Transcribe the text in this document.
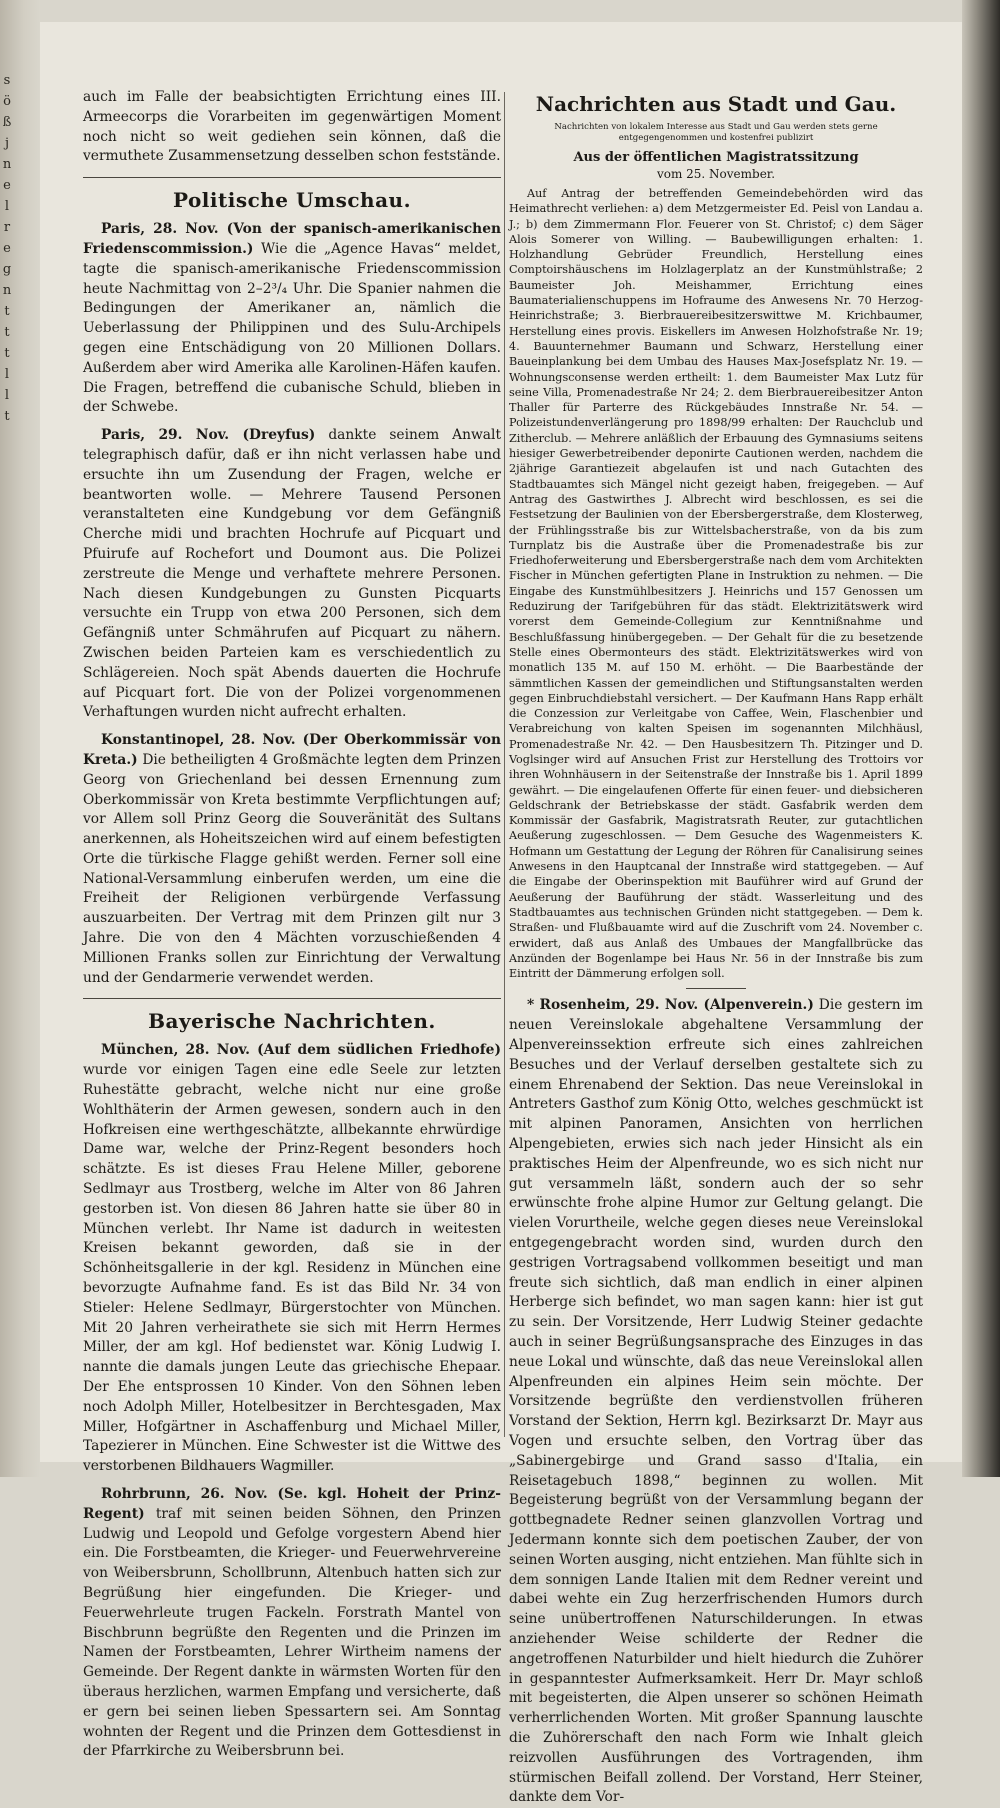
s
ö
ß
j
n
e
l
r
e
g
n
t
t
t
l
l
t

auch im Falle der beabsichtigten Errichtung eines III. Armeecorps die Vorarbeiten im gegenwärtigen Moment noch nicht so weit gediehen sein können, daß die vermuthete Zusammensetzung desselben schon feststände.

Politische Umschau.

Paris, 28. Nov. (Von der spanisch-amerikanischen Friedenscommission.) Wie die „Agence Havas“ meldet, tagte die spanisch-amerikanische Friedenscommission heute Nachmittag von 2–2³/₄ Uhr. Die Spanier nahmen die Bedingungen der Amerikaner an, nämlich die Ueberlassung der Philippinen und des Sulu-Archipels gegen eine Entschädigung von 20 Millionen Dollars. Außerdem aber wird Amerika alle Karolinen-Häfen kaufen. Die Fragen, betreffend die cubanische Schuld, blieben in der Schwebe.

Paris, 29. Nov. (Dreyfus) dankte seinem Anwalt telegraphisch dafür, daß er ihn nicht verlassen habe und ersuchte ihn um Zusendung der Fragen, welche er beantworten wolle. — Mehrere Tausend Personen veranstalteten eine Kundgebung vor dem Gefängniß Cherche midi und brachten Hochrufe auf Picquart und Pfuirufe auf Rochefort und Doumont aus. Die Polizei zerstreute die Menge und verhaftete mehrere Personen. Nach diesen Kundgebungen zu Gunsten Picquarts versuchte ein Trupp von etwa 200 Personen, sich dem Gefängniß unter Schmährufen auf Picquart zu nähern. Zwischen beiden Parteien kam es verschiedentlich zu Schlägereien. Noch spät Abends dauerten die Hochrufe auf Picquart fort. Die von der Polizei vorgenommenen Verhaftungen wurden nicht aufrecht erhalten.

Konstantinopel, 28. Nov. (Der Oberkommissär von Kreta.) Die betheiligten 4 Großmächte legten dem Prinzen Georg von Griechenland bei dessen Ernennung zum Oberkommissär von Kreta bestimmte Verpflichtungen auf; vor Allem soll Prinz Georg die Souveränität des Sultans anerkennen, als Hoheitszeichen wird auf einem befestigten Orte die türkische Flagge gehißt werden. Ferner soll eine National-Versammlung einberufen werden, um eine die Freiheit der Religionen verbürgende Verfassung auszuarbeiten. Der Vertrag mit dem Prinzen gilt nur 3 Jahre. Die von den 4 Mächten vorzuschießenden 4 Millionen Franks sollen zur Einrichtung der Verwaltung und der Gendarmerie verwendet werden.

Bayerische Nachrichten.

München, 28. Nov. (Auf dem südlichen Friedhofe) wurde vor einigen Tagen eine edle Seele zur letzten Ruhestätte gebracht, welche nicht nur eine große Wohlthäterin der Armen gewesen, sondern auch in den Hofkreisen eine werthgeschätzte, allbekannte ehrwürdige Dame war, welche der Prinz-Regent besonders hoch schätzte. Es ist dieses Frau Helene Miller, geborene Sedlmayr aus Trostberg, welche im Alter von 86 Jahren gestorben ist. Von diesen 86 Jahren hatte sie über 80 in München verlebt. Ihr Name ist dadurch in weitesten Kreisen bekannt geworden, daß sie in der Schönheitsgallerie in der kgl. Residenz in München eine bevorzugte Aufnahme fand. Es ist das Bild Nr. 34 von Stieler: Helene Sedlmayr, Bürgerstochter von München. Mit 20 Jahren verheirathete sie sich mit Herrn Hermes Miller, der am kgl. Hof bedienstet war. König Ludwig I. nannte die damals jungen Leute das griechische Ehepaar. Der Ehe entsprossen 10 Kinder. Von den Söhnen leben noch Adolph Miller, Hotelbesitzer in Berchtesgaden, Max Miller, Hofgärtner in Aschaffenburg und Michael Miller, Tapezierer in München. Eine Schwester ist die Wittwe des verstorbenen Bildhauers Wagmiller.

Rohrbrunn, 26. Nov. (Se. kgl. Hoheit der Prinz-Regent) traf mit seinen beiden Söhnen, den Prinzen Ludwig und Leopold und Gefolge vorgestern Abend hier ein. Die Forstbeamten, die Krieger- und Feuerwehrvereine von Weibersbrunn, Schollbrunn, Altenbuch hatten sich zur Begrüßung hier eingefunden. Die Krieger- und Feuerwehrleute trugen Fackeln. Forstrath Mantel von Bischbrunn begrüßte den Regenten und die Prinzen im Namen der Forstbeamten, Lehrer Wirtheim namens der Gemeinde. Der Regent dankte in wärmsten Worten für den überaus herzlichen, warmen Empfang und versicherte, daß er gern bei seinen lieben Spessartern sei. Am Sonntag wohnten der Regent und die Prinzen dem Gottesdienst in der Pfarrkirche zu Weibersbrunn bei.

Nachrichten aus Stadt und Gau.
Nachrichten von lokalem Interesse aus Stadt und Gau werden stets gerne entgegengenommen und kostenfrei publizirt
Aus der öffentlichen Magistratssitzung
vom 25. November.

Auf Antrag der betreffenden Gemeindebehörden wird das Heimathrecht verliehen: a) dem Metzgermeister Ed. Peisl von Landau a. J.; b) dem Zimmermann Flor. Feuerer von St. Christof; c) dem Säger Alois Somerer von Willing. — Baubewilligungen erhalten: 1. Holzhandlung Gebrüder Freundlich, Herstellung eines Comptoirshäuschens im Holzlagerplatz an der Kunstmühlstraße; 2 Baumeister Joh. Meishammer, Errichtung eines Baumaterialienschuppens im Hofraume des Anwesens Nr. 70 Herzog-Heinrichstraße; 3. Bierbrauereibesitzerswittwe M. Krichbaumer, Herstellung eines provis. Eiskellers im Anwesen Holzhofstraße Nr. 19; 4. Bauunternehmer Baumann und Schwarz, Herstellung einer Baueinplankung bei dem Umbau des Hauses Max-Josefsplatz Nr. 19. — Wohnungsconsense werden ertheilt: 1. dem Baumeister Max Lutz für seine Villa, Promenadestraße Nr 24; 2. dem Bierbrauereibesitzer Anton Thaller für Parterre des Rückgebäudes Innstraße Nr. 54. — Polizeistundenverlängerung pro 1898/99 erhalten: Der Rauchclub und Zitherclub. — Mehrere anläßlich der Erbauung des Gymnasiums seitens hiesiger Gewerbetreibender deponirte Cautionen werden, nachdem die 2jährige Garantiezeit abgelaufen ist und nach Gutachten des Stadtbauamtes sich Mängel nicht gezeigt haben, freigegeben. — Auf Antrag des Gastwirthes J. Albrecht wird beschlossen, es sei die Festsetzung der Baulinien von der Ebersbergerstraße, dem Klosterweg, der Frühlingsstraße bis zur Wittelsbacherstraße, von da bis zum Turnplatz bis die Austraße über die Promenadestraße bis zur Friedhoferweiterung und Ebersbergerstraße nach dem vom Architekten Fischer in München gefertigten Plane in Instruktion zu nehmen. — Die Eingabe des Kunstmühlbesitzers J. Heinrichs und 157 Genossen um Reduzirung der Tarifgebühren für das städt. Elektrizitätswerk wird vorerst dem Gemeinde-Collegium zur Kenntnißnahme und Beschlußfassung hinübergegeben. — Der Gehalt für die zu besetzende Stelle eines Obermonteurs des städt. Elektrizitätswerkes wird von monatlich 135 M. auf 150 M. erhöht. — Die Baarbestände der sämmtlichen Kassen der gemeindlichen und Stiftungsanstalten werden gegen Einbruchdiebstahl versichert. — Der Kaufmann Hans Rapp erhält die Conzession zur Verleitgabe von Caffee, Wein, Flaschenbier und Verabreichung von kalten Speisen im sogenannten Milchhäusl, Promenadestraße Nr. 42. — Den Hausbesitzern Th. Pitzinger und D. Voglsinger wird auf Ansuchen Frist zur Herstellung des Trottoirs vor ihren Wohnhäusern in der Seitenstraße der Innstraße bis 1. April 1899 gewährt. — Die eingelaufenen Offerte für einen feuer- und diebsicheren Geldschrank der Betriebskasse der städt. Gasfabrik werden dem Kommissär der Gasfabrik, Magistratsrath Reuter, zur gutachtlichen Aeußerung zugeschlossen. — Dem Gesuche des Wagenmeisters K. Hofmann um Gestattung der Legung der Röhren für Canalisirung seines Anwesens in den Hauptcanal der Innstraße wird stattgegeben. — Auf die Eingabe der Oberinspektion mit Bauführer wird auf Grund der Aeußerung der Bauführung der städt. Wasserleitung und des Stadtbauamtes aus technischen Gründen nicht stattgegeben. — Dem k. Straßen- und Flußbauamte wird auf die Zuschrift vom 24. November c. erwidert, daß aus Anlaß des Umbaues der Mangfallbrücke das Anzünden der Bogenlampe bei Haus Nr. 56 in der Innstraße bis zum Eintritt der Dämmerung erfolgen soll.

* Rosenheim, 29. Nov. (Alpenverein.) Die gestern im neuen Vereinslokale abgehaltene Versammlung der Alpenvereinssektion erfreute sich eines zahlreichen Besuches und der Verlauf derselben gestaltete sich zu einem Ehrenabend der Sektion. Das neue Vereinslokal in Antreters Gasthof zum König Otto, welches geschmückt ist mit alpinen Panoramen, Ansichten von herrlichen Alpengebieten, erwies sich nach jeder Hinsicht als ein praktisches Heim der Alpenfreunde, wo es sich nicht nur gut versammeln läßt, sondern auch der so sehr erwünschte frohe alpine Humor zur Geltung gelangt. Die vielen Vorurtheile, welche gegen dieses neue Vereinslokal entgegengebracht worden sind, wurden durch den gestrigen Vortragsabend vollkommen beseitigt und man freute sich sichtlich, daß man endlich in einer alpinen Herberge sich befindet, wo man sagen kann: hier ist gut zu sein. Der Vorsitzende, Herr Ludwig Steiner gedachte auch in seiner Begrüßungsansprache des Einzuges in das neue Lokal und wünschte, daß das neue Vereinslokal allen Alpenfreunden ein alpines Heim sein möchte. Der Vorsitzende begrüßte den verdienstvollen früheren Vorstand der Sektion, Herrn kgl. Bezirksarzt Dr. Mayr aus Vogen und ersuchte selben, den Vortrag über das „Sabinergebirge und Grand sasso d'Italia, ein Reisetagebuch 1898,“ beginnen zu wollen. Mit Begeisterung begrüßt von der Versammlung begann der gottbegnadete Redner seinen glanzvollen Vortrag und Jedermann konnte sich dem poetischen Zauber, der von seinen Worten ausging, nicht entziehen. Man fühlte sich in dem sonnigen Lande Italien mit dem Redner vereint und dabei wehte ein Zug herzerfrischenden Humors durch seine unübertroffenen Naturschilderungen. In etwas anziehender Weise schilderte der Redner die angetroffenen Naturbilder und hielt hiedurch die Zuhörer in gespanntester Aufmerksamkeit. Herr Dr. Mayr schloß mit begeisterten, die Alpen unserer so schönen Heimath verherrlichenden Worten. Mit großer Spannung lauschte die Zuhörerschaft den nach Form wie Inhalt gleich reizvollen Ausführungen des Vortragenden, ihm stürmischen Beifall zollend. Der Vorstand, Herr Steiner, dankte dem Vor-
